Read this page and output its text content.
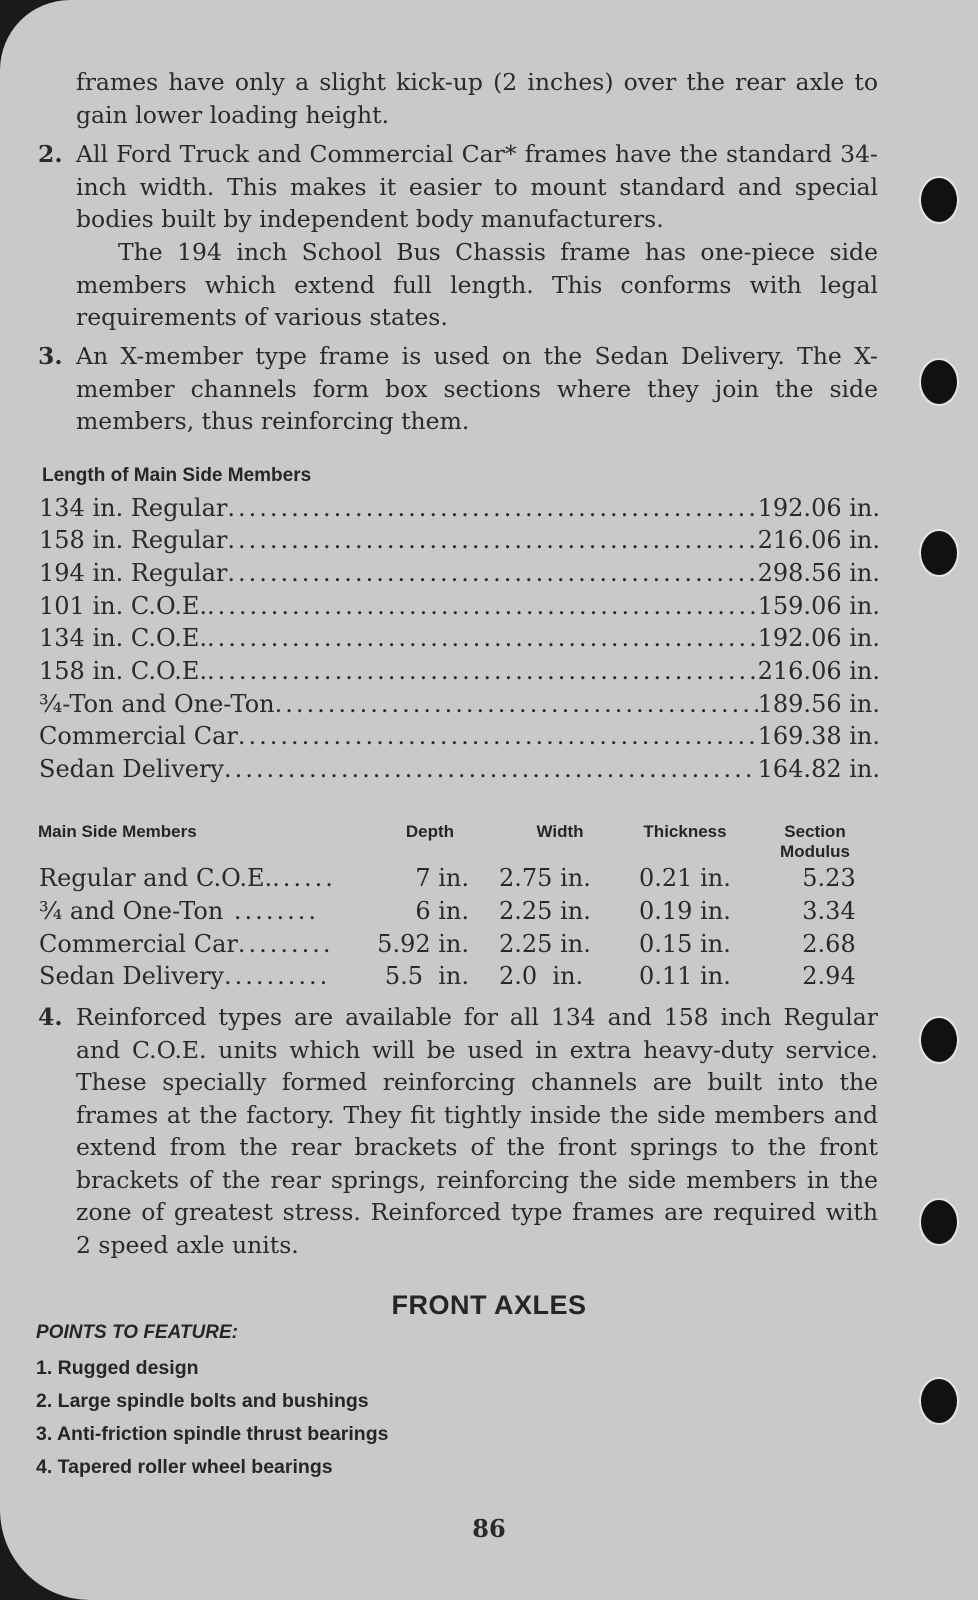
frames have only a slight kick-up (2 inches) over the rear axle to gain lower loading height.
2. All Ford Truck and Commercial Car* frames have the standard 34-inch width. This makes it easier to mount standard and special bodies built by independent body manufacturers.
The 194 inch School Bus Chassis frame has one-piece side members which extend full length. This conforms with legal requirements of various states.
3. An X-member type frame is used on the Sedan Delivery. The X-member channels form box sections where they join the side members, thus reinforcing them.
Length of Main Side Members
134 in. Regular .....	192.06 in.
158 in. Regular .....	216.06 in.
194 in. Regular .....	298.56 in.
101 in. C.O.E. .....	159.06 in.
134 in. C.O.E. .....	192.06 in.
158 in. C.O.E. .....	216.06 in.
¾-Ton and One-Ton .....	189.56 in.
Commercial Car .....	169.38 in.
Sedan Delivery .....	164.82 in.
Main Side Members	Depth	Width	Thickness	Section Modulus
Regular and C.O.E.......	7 in. 2.75 in.	0.21 in.	5.23
¾ and One-Ton ........	6 in. 2.25 in.	0.19 in.	3.34
Commercial Car.........	5.92 in. 2.25 in.	0.15 in.	2.68
Sedan Delivery..........	5.5  in. 2.0  in.	0.11 in.	2.94
4. Reinforced types are available for all 134 and 158 inch Regular and C.O.E. units which will be used in extra heavy-duty service. These specially formed reinforcing channels are built into the frames at the factory. They fit tightly inside the side members and extend from the rear brackets of the front springs to the front brackets of the rear springs, reinforcing the side members in the zone of greatest stress. Reinforced type frames are required with 2 speed axle units.
FRONT AXLES
POINTS TO FEATURE:
1. Rugged design
2. Large spindle bolts and bushings
3. Anti-friction spindle thrust bearings
4. Tapered roller wheel bearings
86
